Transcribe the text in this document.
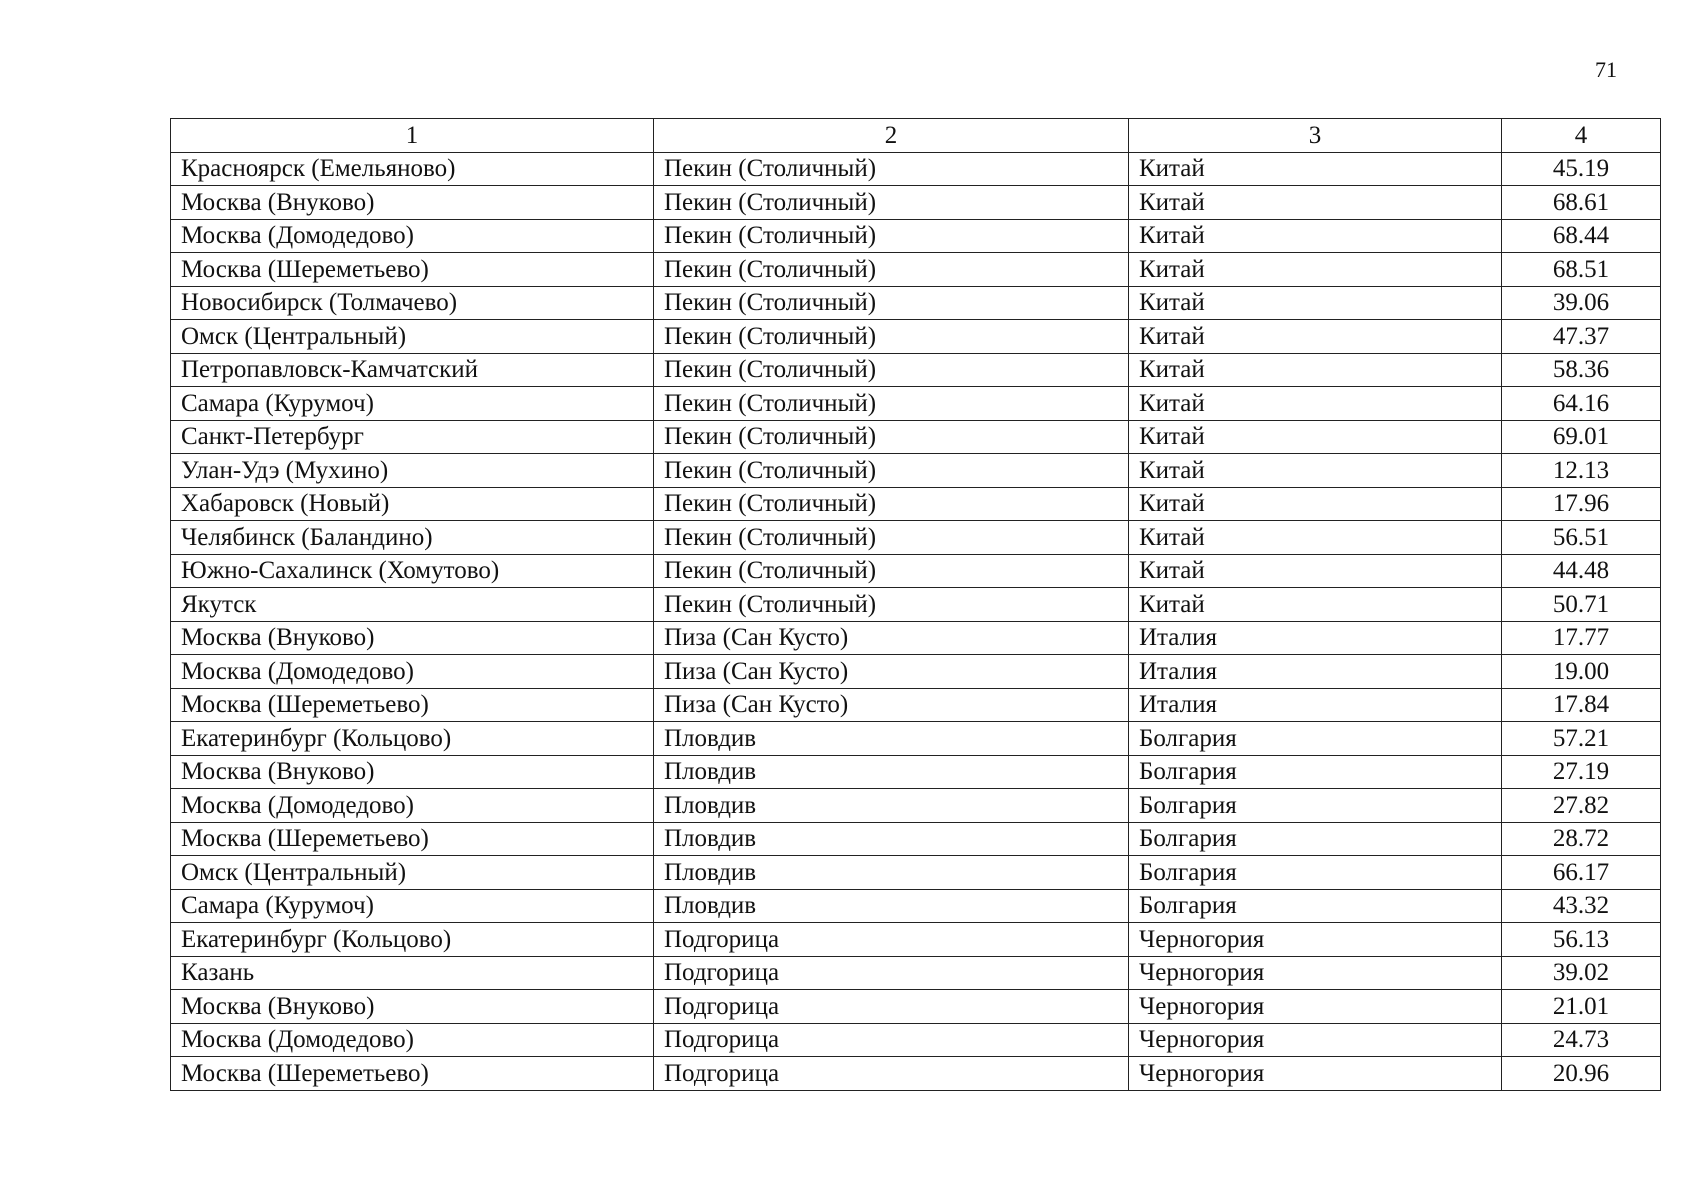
71
1	2	3	4
Красноярск (Емельяново)	Пекин (Столичный)	Китай	45.19
Москва (Внуково)	Пекин (Столичный)	Китай	68.61
Москва (Домодедово)	Пекин (Столичный)	Китай	68.44
Москва (Шереметьево)	Пекин (Столичный)	Китай	68.51
Новосибирск (Толмачево)	Пекин (Столичный)	Китай	39.06
Омск (Центральный)	Пекин (Столичный)	Китай	47.37
Петропавловск-Камчатский	Пекин (Столичный)	Китай	58.36
Самара (Курумоч)	Пекин (Столичный)	Китай	64.16
Санкт-Петербург	Пекин (Столичный)	Китай	69.01
Улан-Удэ (Мухино)	Пекин (Столичный)	Китай	12.13
Хабаровск (Новый)	Пекин (Столичный)	Китай	17.96
Челябинск (Баландино)	Пекин (Столичный)	Китай	56.51
Южно-Сахалинск (Хомутово)	Пекин (Столичный)	Китай	44.48
Якутск	Пекин (Столичный)	Китай	50.71
Москва (Внуково)	Пиза (Сан Кусто)	Италия	17.77
Москва (Домодедово)	Пиза (Сан Кусто)	Италия	19.00
Москва (Шереметьево)	Пиза (Сан Кусто)	Италия	17.84
Екатеринбург (Кольцово)	Пловдив	Болгария	57.21
Москва (Внуково)	Пловдив	Болгария	27.19
Москва (Домодедово)	Пловдив	Болгария	27.82
Москва (Шереметьево)	Пловдив	Болгария	28.72
Омск (Центральный)	Пловдив	Болгария	66.17
Самара (Курумоч)	Пловдив	Болгария	43.32
Екатеринбург (Кольцово)	Подгорица	Черногория	56.13
Казань	Подгорица	Черногория	39.02
Москва (Внуково)	Подгорица	Черногория	21.01
Москва (Домодедово)	Подгорица	Черногория	24.73
Москва (Шереметьево)	Подгорица	Черногория	20.96
